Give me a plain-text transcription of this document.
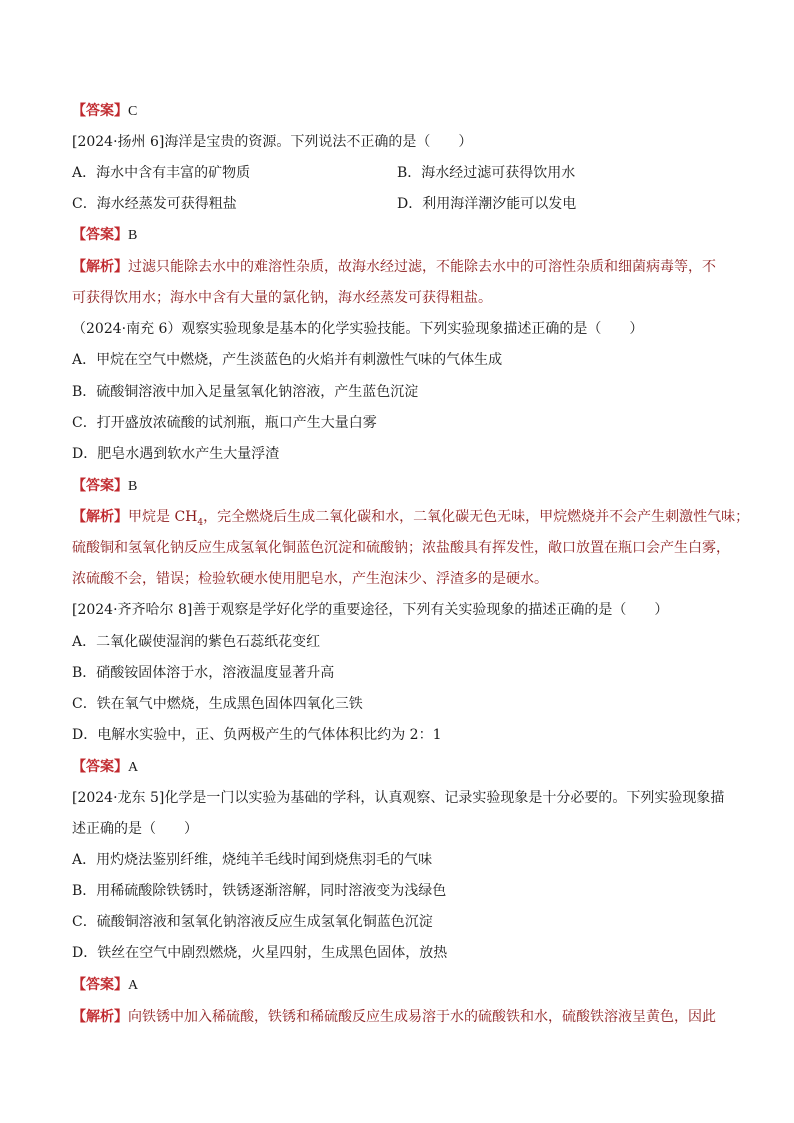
【答案】C
[2024·扬州 6]海洋是宝贵的资源。下列说法不正确的是（　　）
A．海水中含有丰富的矿物质	B．海水经过滤可获得饮用水
C．海水经蒸发可获得粗盐	D．利用海洋潮汐能可以发电
【答案】B
【解析】过滤只能除去水中的难溶性杂质，故海水经过滤，不能除去水中的可溶性杂质和细菌病毒等，不
可获得饮用水；海水中含有大量的氯化钠，海水经蒸发可获得粗盐。
（2024·南充 6）观察实验现象是基本的化学实验技能。下列实验现象描述正确的是（　　）
A．甲烷在空气中燃烧，产生淡蓝色的火焰并有刺激性气味的气体生成
B．硫酸铜溶液中加入足量氢氧化钠溶液，产生蓝色沉淀
C．打开盛放浓硫酸的试剂瓶，瓶口产生大量白雾
D．肥皂水遇到软水产生大量浮渣
【答案】B
【解析】甲烷是 $CH_4$，完全燃烧后生成二氧化碳和水，二氧化碳无色无味，甲烷燃烧并不会产生刺激性气味；
硫酸铜和氢氧化钠反应生成氢氧化铜蓝色沉淀和硫酸钠；浓盐酸具有挥发性，敞口放置在瓶口会产生白雾，
浓硫酸不会，错误；检验软硬水使用肥皂水，产生泡沫少、浮渣多的是硬水。
[2024·齐齐哈尔 8]善于观察是学好化学的重要途径，下列有关实验现象的描述正确的是（　　）
A．二氧化碳使湿润的紫色石蕊纸花变红
B．硝酸铵固体溶于水，溶液温度显著升高
C．铁在氧气中燃烧，生成黑色固体四氧化三铁
D．电解水实验中，正、负两极产生的气体体积比约为 2：1
【答案】A
[2024·龙东 5]化学是一门以实验为基础的学科，认真观察、记录实验现象是十分必要的。下列实验现象描
述正确的是（　　）
A．用灼烧法鉴别纤维，烧纯羊毛线时闻到烧焦羽毛的气味
B．用稀硫酸除铁锈时，铁锈逐渐溶解，同时溶液变为浅绿色
C．硫酸铜溶液和氢氧化钠溶液反应生成氢氧化铜蓝色沉淀
D．铁丝在空气中剧烈燃烧，火星四射，生成黑色固体，放热
【答案】A
【解析】向铁锈中加入稀硫酸，铁锈和稀硫酸反应生成易溶于水的硫酸铁和水，硫酸铁溶液呈黄色，因此
